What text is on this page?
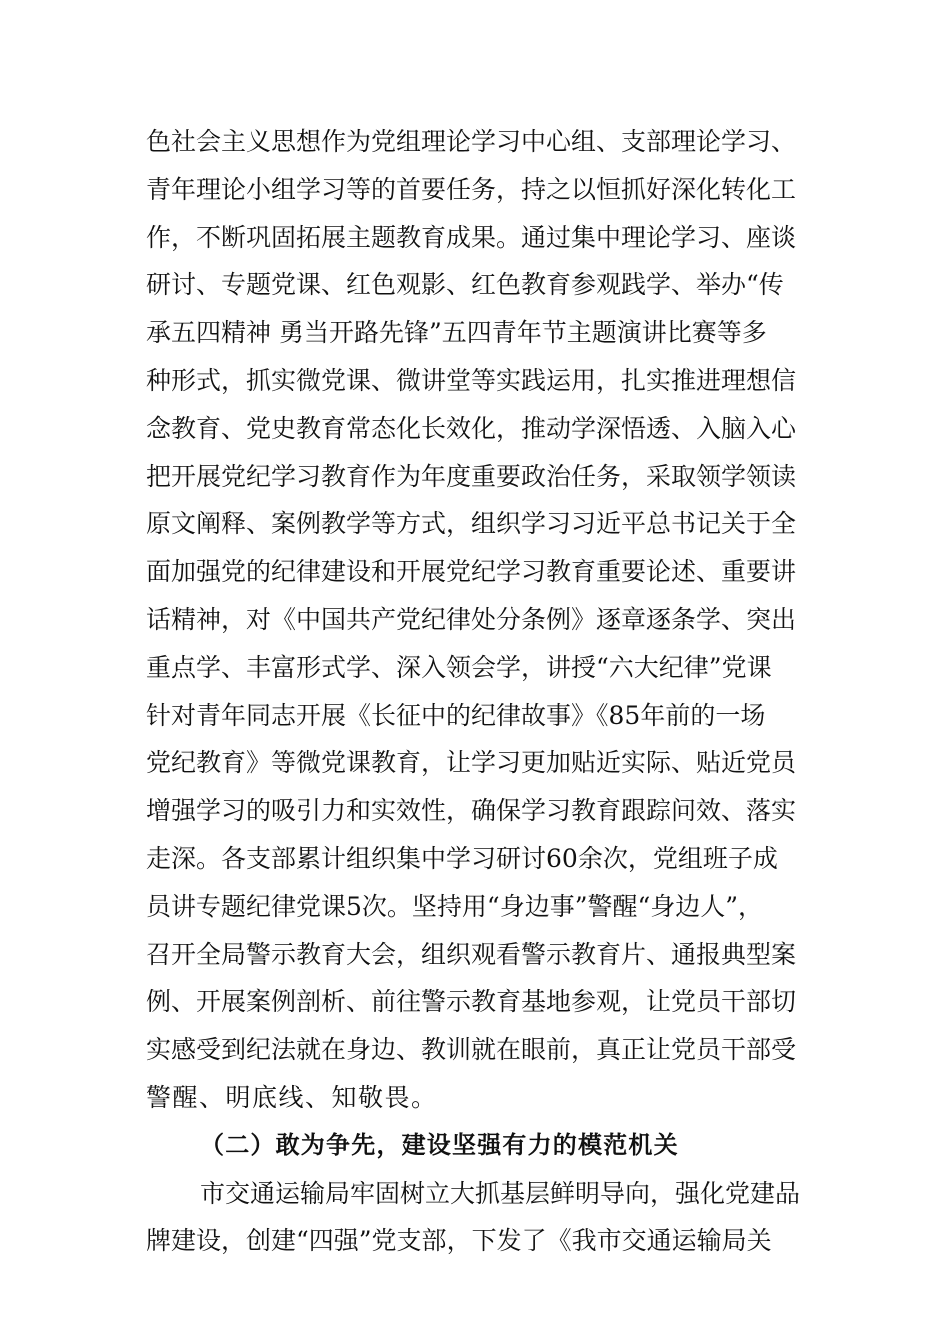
色社会主义思想作为党组理论学习中心组、支部理论学习、
青年理论小组学习等的首要任务，持之以恒抓好深化转化工
作，不断巩固拓展主题教育成果。通过集中理论学习、座谈
研讨、专题党课、红色观影、红色教育参观践学、举办“传
承五四精神 勇当开路先锋”五四青年节主题演讲比赛等多
种形式，抓实微党课、微讲堂等实践运用，扎实推进理想信
念教育、党史教育常态化长效化，推动学深悟透、入脑入心
把开展党纪学习教育作为年度重要政治任务，采取领学领读
原文阐释、案例教学等方式，组织学习习近平总书记关于全
面加强党的纪律建设和开展党纪学习教育重要论述、重要讲
话精神，对《中国共产党纪律处分条例》逐章逐条学、突出
重点学、丰富形式学、深入领会学，讲授“六大纪律”党课
针对青年同志开展《长征中的纪律故事》《85年前的一场
党纪教育》等微党课教育，让学习更加贴近实际、贴近党员
增强学习的吸引力和实效性，确保学习教育跟踪问效、落实
走深。各支部累计组织集中学习研讨60余次，党组班子成
员讲专题纪律党课5次。坚持用“身边事”警醒“身边人”，
召开全局警示教育大会，组织观看警示教育片、通报典型案
例、开展案例剖析、前往警示教育基地参观，让党员干部切
实感受到纪法就在身边、教训就在眼前，真正让党员干部受
警醒、明底线、知敬畏。
（二）敢为争先，建设坚强有力的模范机关
市交通运输局牢固树立大抓基层鲜明导向，强化党建品
牌建设，创建“四强”党支部，下发了《我市交通运输局关
